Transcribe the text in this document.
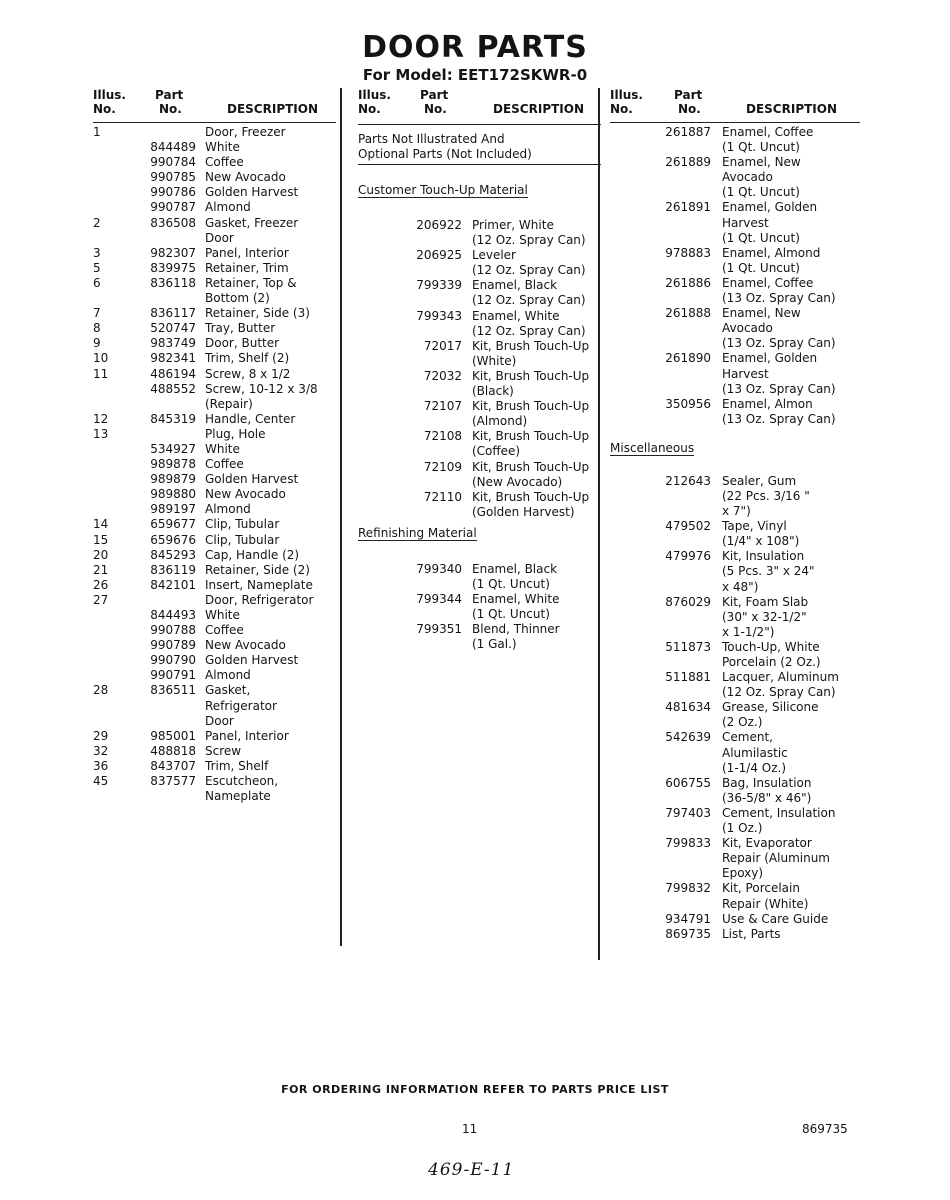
DOOR PARTS
For Model: EET172SKWR-0
Illus.
No.
Part
No.	DESCRIPTION
1	Door, Freezer
844489 White
990784 Coffee
990785 New Avocado
990786 Golden Harvest
990787 Almond
2	836508 Gasket, Freezer
Door
3	982307 Panel, Interior
5	839975 Retainer, Trim
6	836118 Retainer, Top &
Bottom (2)
7	836117 Retainer, Side (3)
8	520747 Tray, Butter
9	983749 Door, Butter
10	982341 Trim, Shelf (2)
11	486194 Screw, 8 x 1/2
488552 Screw, 10-12 x 3/8
(Repair)
12	845319 Handle, Center
13	Plug, Hole
534927 White
989878 Coffee
989879 Golden Harvest
989880 New Avocado
989197 Almond
14	659677 Clip, Tubular
15	659676 Clip, Tubular
20	845293 Cap, Handle (2)
21	836119 Retainer, Side (2)
26	842101 Insert, Nameplate
27	Door, Refrigerator
844493 White
990788 Coffee
990789 New Avocado
990790 Golden Harvest
990791 Almond
28	836511 Gasket,
Refrigerator
Door
29	985001 Panel, Interior
32	488818 Screw
36	843707 Trim, Shelf
45	837577 Escutcheon,
Nameplate
Illus.
No.
Part
No.	DESCRIPTION
Parts Not Illustrated And
Optional Parts (Not Included)
Customer Touch-Up Material
206922 Primer, White
(12 Oz. Spray Can)
206925 Leveler
(12 Oz. Spray Can)
799339 Enamel, Black
(12 Oz. Spray Can)
799343 Enamel, White
(12 Oz. Spray Can)
72017 Kit, Brush Touch-Up
(White)
72032 Kit, Brush Touch-Up
(Black)
72107 Kit, Brush Touch-Up
(Almond)
72108 Kit, Brush Touch-Up
(Coffee)
72109 Kit, Brush Touch-Up
(New Avocado)
72110 Kit, Brush Touch-Up
(Golden Harvest)
Refinishing Material
799340 Enamel, Black
(1 Qt. Uncut)
799344 Enamel, White
(1 Qt. Uncut)
799351 Blend, Thinner
(1 Gal.)
Illus.
No.
Part
No.	DESCRIPTION
261887 Enamel, Coffee
(1 Qt. Uncut)
261889 Enamel, New
Avocado
(1 Qt. Uncut)
261891 Enamel, Golden
Harvest
(1 Qt. Uncut)
978883 Enamel, Almond
(1 Qt. Uncut)
261886 Enamel, Coffee
(13 Oz. Spray Can)
261888 Enamel, New
Avocado
(13 Oz. Spray Can)
261890 Enamel, Golden
Harvest
(13 Oz. Spray Can)
350956 Enamel, Almon
(13 Oz. Spray Can)
Miscellaneous
212643 Sealer, Gum
(22 Pcs. 3/16 "
x 7")
479502 Tape, Vinyl
(1/4" x 108")
479976 Kit, Insulation
(5 Pcs. 3" x 24"
x 48")
876029 Kit, Foam Slab
(30" x 32-1/2"
x 1-1/2")
511873 Touch-Up, White
Porcelain (2 Oz.)
511881 Lacquer, Aluminum
(12 Oz. Spray Can)
481634 Grease, Silicone
(2 Oz.)
542639 Cement,
Alumilastic
(1-1/4 Oz.)
606755 Bag, Insulation
(36-5/8" x 46")
797403 Cement, Insulation
(1 Oz.)
799833 Kit, Evaporator
Repair (Aluminum
Epoxy)
799832 Kit, Porcelain
Repair (White)
934791 Use & Care Guide
869735 List, Parts
FOR ORDERING INFORMATION REFER TO PARTS PRICE LIST
11	869735
469-E-11
